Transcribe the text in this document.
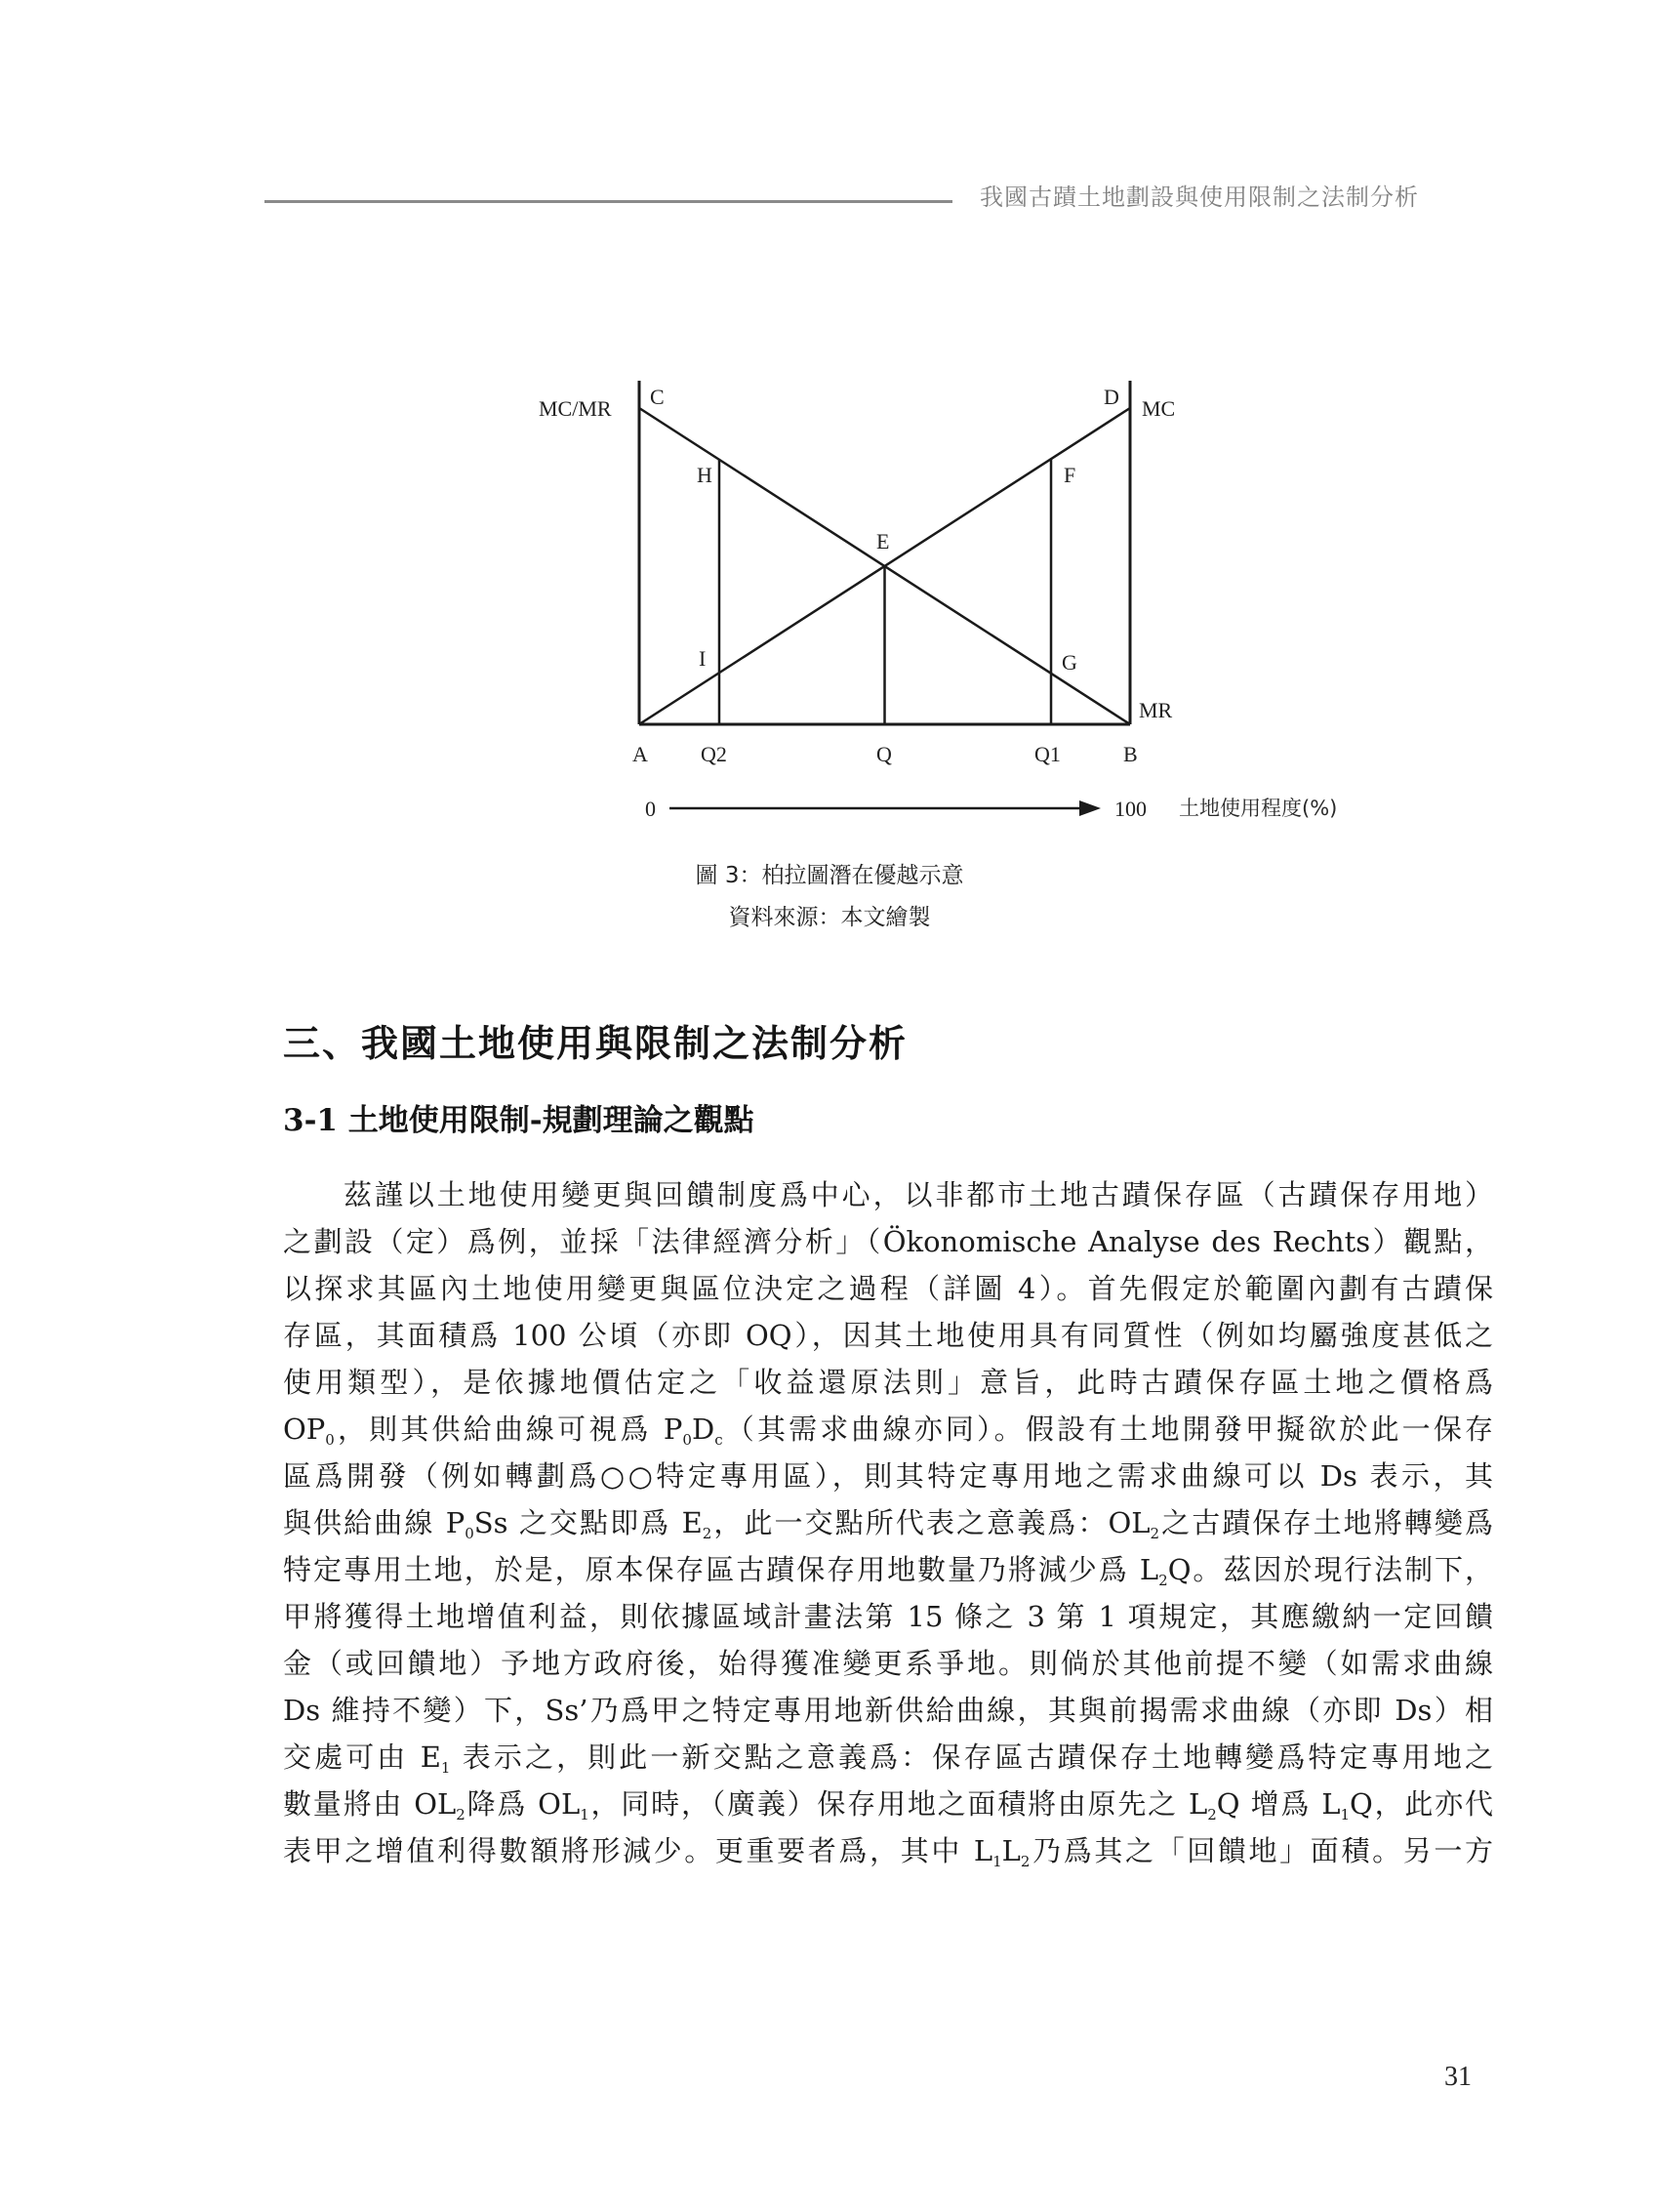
我國古蹟土地劃設與使用限制之法制分析
MC/MR C	D MC
H	F
E
I	G
MR
A Q2	Q	Q1	B
0	100 土地使用程度(%)
圖 3：柏拉圖潛在優越示意
資料來源：本文繪製
三、我國土地使用與限制之法制分析
3-1 土地使用限制-規劃理論之觀點
茲謹以土地使用變更與回饋制度爲中心，以非都市土地古蹟保存區（古蹟保存用地）
之劃設（定）爲例，並採「法律經濟分析」（Ökonomische Analyse des Rechts）觀點，
以探求其區內土地使用變更與區位決定之過程（詳圖 4）。首先假定於範圍內劃有古蹟保
存區，其面積爲 100 公頃（亦即 OQ），因其土地使用具有同質性（例如均屬強度甚低之
使用類型），是依據地價估定之「收益還原法則」意旨，此時古蹟保存區土地之價格爲
$OP_0$，則其供給曲線可視爲 $P_0D_c$（其需求曲線亦同）。假設有土地開發甲擬欲於此一保存
區爲開發（例如轉劃爲○○特定專用區），則其特定專用地之需求曲線可以 Ds 表示，其
與供給曲線 $P_0Ss$ 之交點即爲 $E_2$，此一交點所代表之意義爲：$OL_2$之古蹟保存土地將轉變爲
特定專用土地，於是，原本保存區古蹟保存用地數量乃將減少爲 $L_2Q$。茲因於現行法制下，
甲將獲得土地增值利益，則依據區域計畫法第 15 條之 3 第 1 項規定，其應繳納一定回饋
金（或回饋地）予地方政府後，始得獲准變更系爭地。則倘於其他前提不變（如需求曲線
Ds 維持不變）下，Ss’乃爲甲之特定專用地新供給曲線，其與前揭需求曲線（亦即 Ds）相
交處可由 $E_1$ 表示之，則此一新交點之意義爲：保存區古蹟保存土地轉變爲特定專用地之
數量將由 $OL_2$降爲 $OL_1$，同時，（廣義）保存用地之面積將由原先之 $L_2Q$ 增爲 $L_1Q$，此亦代
表甲之增值利得數額將形減少。更重要者爲，其中 $L_1L_2$乃爲其之「回饋地」面積。另一方
31
